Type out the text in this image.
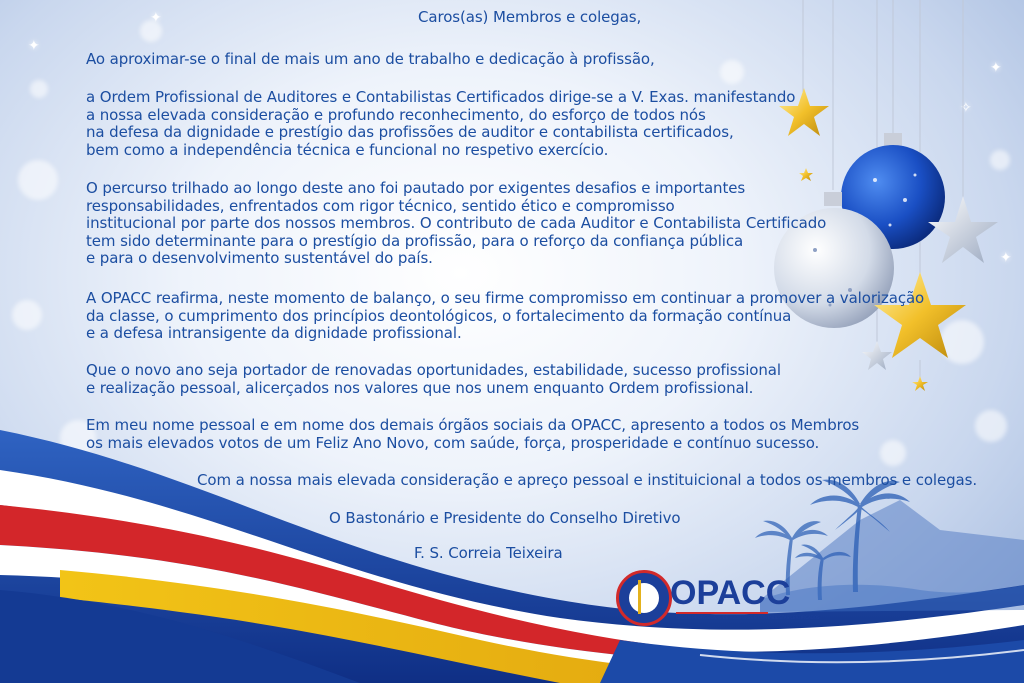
✦
✦
✦
✦
✧
Caros(as) Membros e colegas,
Ao aproximar-se o final de mais um ano de trabalho e dedicação à profissão,

a Ordem Profissional de Auditores e Contabilistas Certificados dirige-se a V. Exas. manifestando

a nossa elevada consideração e profundo reconhecimento, do esforço de todos nós

na defesa da dignidade e prestígio das profissões de auditor e contabilista certificados,

bem como a independência técnica e funcional no respetivo exercício.

O percurso trilhado ao longo deste ano foi pautado por exigentes desafios e importantes

responsabilidades, enfrentados com rigor técnico, sentido ético e compromisso

institucional por parte dos nossos membros. O contributo de cada Auditor e Contabilista Certificado

tem sido determinante para o prestígio da profissão, para o reforço da confiança pública

e para o desenvolvimento sustentável do país.

A OPACC reafirma, neste momento de balanço, o seu firme compromisso em continuar a promover a valorização

da classe, o cumprimento dos princípios deontológicos, o fortalecimento da formação contínua

e a defesa intransigente da dignidade profissional.

Que o novo ano seja portador de renovadas oportunidades, estabilidade, sucesso profissional

e realização pessoal, alicerçados nos valores que nos unem enquanto Ordem profissional.

Em meu nome pessoal e em nome dos demais órgãos sociais da OPACC, apresento a todos os Membros

os mais elevados votos de um Feliz Ano Novo, com saúde, força, prosperidade e contínuo sucesso.

Com a nossa mais elevada consideração e apreço pessoal e instituicional a todos os membros e colegas.
O Bastonário e Presidente do Conselho Diretivo
F. S. Correia Teixeira
OPACC
ORDEM PROFISSIONAL DE AUDITORES E CONTABILISTAS CERTIFICADOS
